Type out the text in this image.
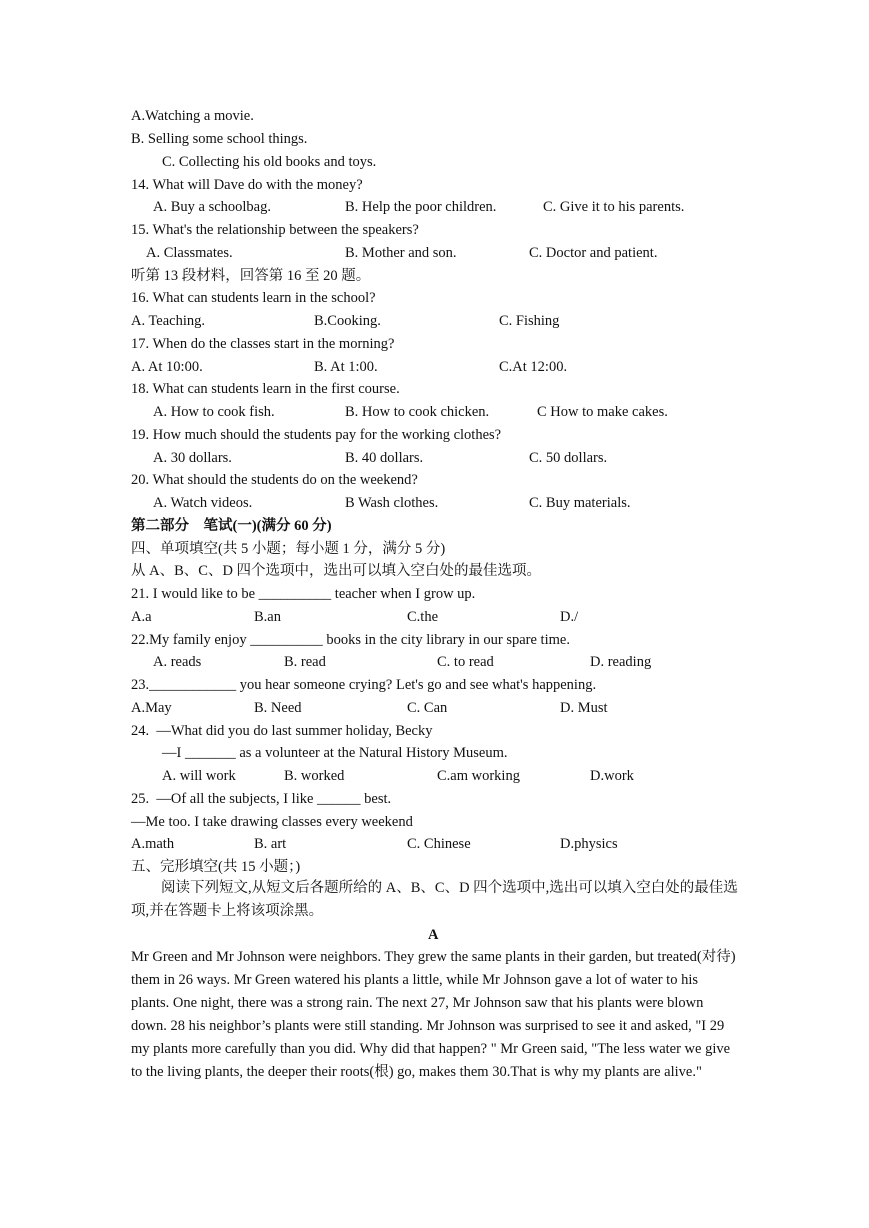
A.Watching a movie.
B. Selling some school things.
C. Collecting his old books and toys.
14. What will Dave do with the money?
A. Buy a schoolbag.	B. Help the poor children.	C. Give it to his parents.
15. What's the relationship between the speakers?
A. Classmates.	B. Mother and son.	C. Doctor and patient.
听第 13 段材料，回答第 16 至 20 题。
16. What can students learn in the school?
A. Teaching.	B.Cooking.	C. Fishing
17. When do the classes start in the morning?
A. At 10:00.	B. At 1:00.	C.At 12:00.
18. What can students learn in the first course.
A. How to cook fish.	B. How to cook chicken.	C How to make cakes.
19. How much should the students pay for the working clothes?
A. 30 dollars.	B. 40 dollars.	C. 50 dollars.
20. What should the students do on the weekend?
A. Watch videos.	B Wash clothes.	C. Buy materials.
第二部分    笔试(一)(满分 60 分)
四、单项填空(共 5 小题；每小题 1 分，满分 5 分)
从 A、B、C、D 四个选项中，选出可以填入空白处的最佳选项。
21. I would like to be __________ teacher when I grow up.
A.a	B.an	C.the	D./
22.My family enjoy __________ books in the city library in our spare time.
A. reads	B. read	C. to read	D. reading
23.____________ you hear someone crying? Let's go and see what's happening.
A.May	B. Need	C. Can	D. Must
24.  —What did you do last summer holiday, Becky
—I _______ as a volunteer at the Natural History Museum.
A. will work	B. worked	C.am working	D.work
25.  —Of all the subjects, I like ______ best.
—Me too. I take drawing classes every weekend
A.math	B. art	C. Chinese	D.physics
五、完形填空(共 15 小题；)

阅读下列短文,从短文后各题所给的 A、B、C、D 四个选项中,选出可以填入空白处的最佳选项,并在答题卡上将该项涂黑。

A

Mr Green and Mr Johnson were neighbors. They grew the same plants in their garden, but treated(对待) them in 26 ways. Mr Green watered his plants a little, while Mr Johnson gave a lot of water to his plants. One night, there was a strong rain. The next 27, Mr Johnson saw that his plants were blown down. 28 his neighbor’s plants were still standing. Mr Johnson was surprised to see it and asked, "I 29 my plants more carefully than you did. Why did that happen? " Mr Green said, "The less water we give to the living plants, the deeper their roots(根) go, makes them 30.That is why my plants are alive."
